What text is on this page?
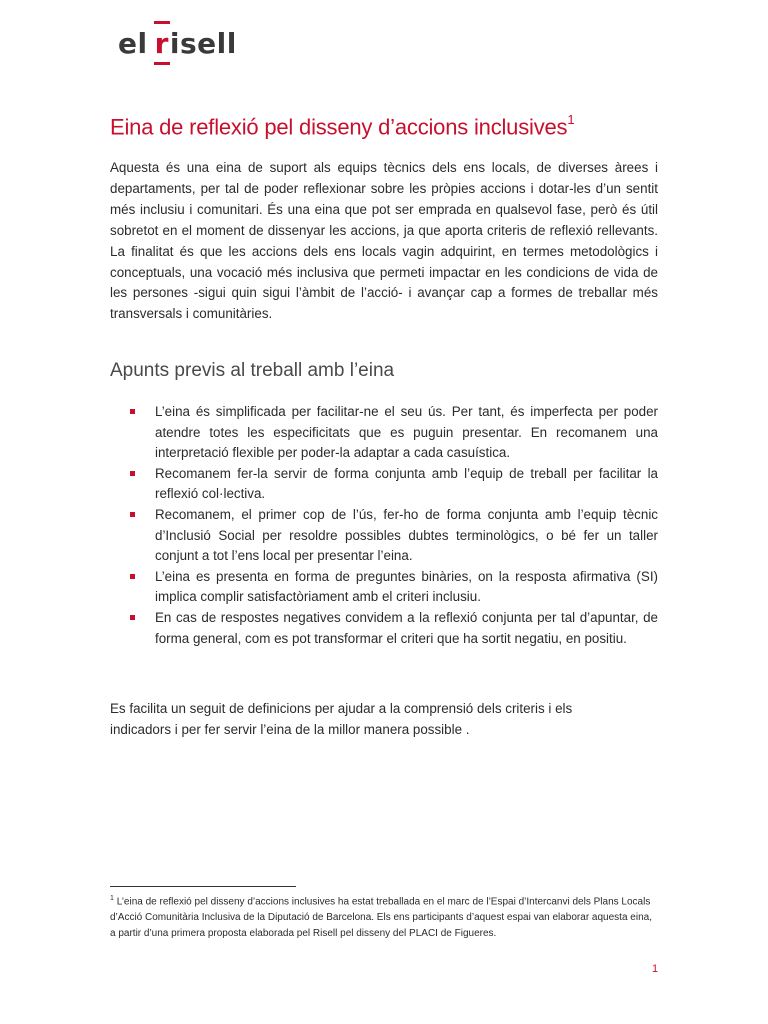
el r isell
Eina de reflexió pel disseny d’accions inclusives$^1$

Aquesta és una eina de suport als equips tècnics dels ens locals, de diverses àrees i departaments, per tal de poder reflexionar sobre les pròpies accions i dotar-les d’un sentit més inclusiu i comunitari. És una eina que pot ser emprada en qualsevol fase, però és útil sobretot en el moment de dissenyar les accions, ja que aporta criteris de reflexió rellevants. La finalitat és que les accions dels ens locals vagin adquirint, en termes metodològics i conceptuals, una vocació més inclusiva que permeti impactar en les condicions de vida de les persones -sigui quin sigui l’àmbit de l’acció- i avançar cap a formes de treballar més transversals i comunitàries.

Apunts previs al treball amb l’eina
L’eina és simplificada per facilitar-ne el seu ús. Per tant, és imperfecta per poder atendre totes les especificitats que es puguin presentar. En recomanem una interpretació flexible per poder-la adaptar a cada casuística.
Recomanem fer-la servir de forma conjunta amb l’equip de treball per facilitar la reflexió col·lectiva.
Recomanem, el primer cop de l’ús, fer-ho de forma conjunta amb l’equip tècnic d’Inclusió Social per resoldre possibles dubtes terminològics, o bé fer un taller conjunt a tot l’ens local per presentar l’eina.
L’eina es presenta en forma de preguntes binàries, on la resposta afirmativa (SI) implica complir satisfactòriament amb el criteri inclusiu.
En cas de respostes negatives convidem a la reflexió conjunta per tal d’apuntar, de forma general, com es pot transformar el criteri que ha sortit negatiu, en positiu.

Es facilita un seguit de definicions per ajudar a la comprensió dels criteris i els indicadors i per fer servir l’eina de la millor manera possible .

$^1$ L’eina de reflexió pel disseny d’accions inclusives ha estat treballada en el marc de l’Espai d’Intercanvi dels Plans Locals d’Acció Comunitària Inclusiva de la Diputació de Barcelona. Els ens participants d’aquest espai van elaborar aquesta eina, a partir d’una primera proposta elaborada pel Risell pel disseny del PLACI de Figueres.

1
